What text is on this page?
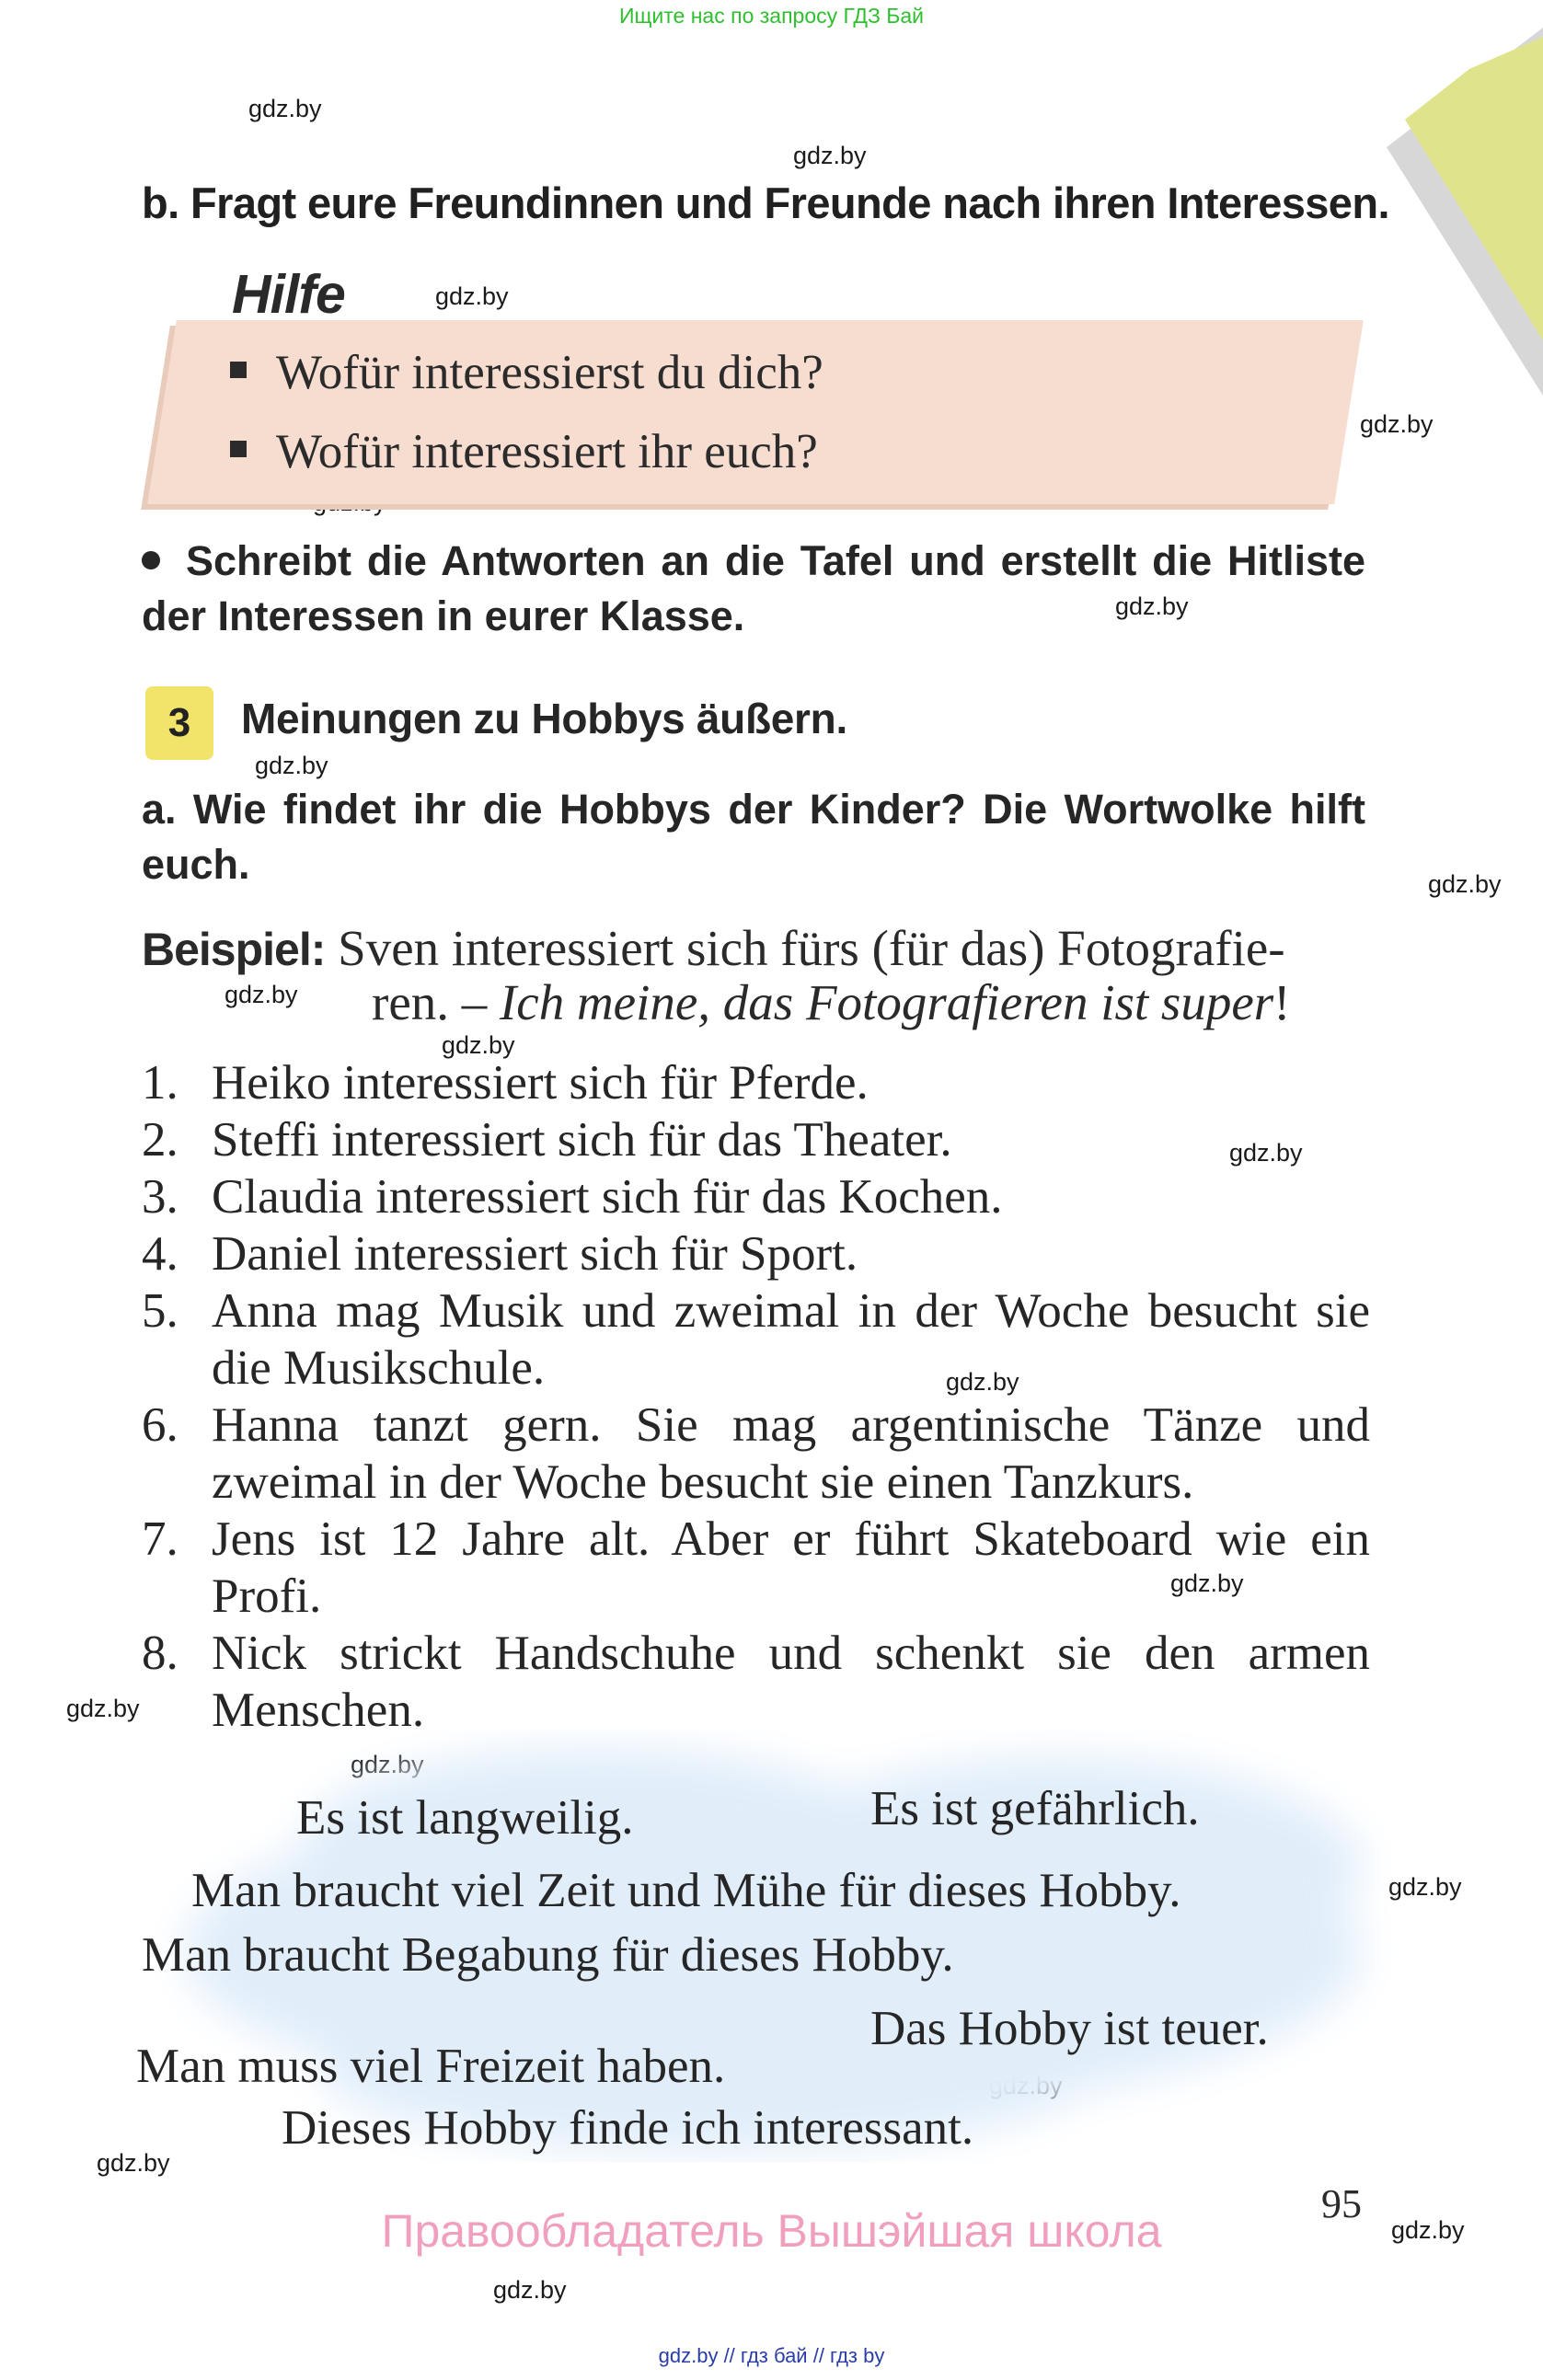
Ищите нас по запросу ГДЗ Бай
gdz.by
gdz.by
gdz.by
gdz.by
gdz.by
gdz.by
gdz.by
gdz.by
gdz.by
gdz.by
gdz.by
gdz.by
gdz.by
gdz.by
gdz.by
gdz.by
gdz.by
gdz.by
b. Fragt eure Freundinnen und Freunde nach ihren Interessen.
Hilfe
Wofür interessierst du dich?
Wofür interessiert ihr euch?
Schreibt die Antworten an die Tafel und erstellt die Hitliste der Interessen in eurer Klasse.
3	Meinungen zu Hobbys äußern.
a. Wie findet ihr die Hobbys der Kinder? Die Wortwolke hilft euch.
Beispiel: Sven interessiert sich fürs (für das) Fotografie-
ren. – Ich meine, das Fotografieren ist super!
1. Heiko interessiert sich für Pferde.
2. Steffi interessiert sich für das Theater.
3. Claudia interessiert sich für das Kochen.
4. Daniel interessiert sich für Sport.
5. Anna mag Musik und zweimal in der Woche besucht sie die Musikschule.
6. Hanna tanzt gern. Sie mag argentinische Tänze und zweimal in der Woche besucht sie einen Tanzkurs.
7. Jens ist 12 Jahre alt. Aber er führt Skateboard wie ein Profi.
8. Nick strickt Handschuhe und schenkt sie den armen Menschen.
Es ist langweilig.	Es ist gefährlich.
Man braucht viel Zeit und Mühe für dieses Hobby.
Man braucht Begabung für dieses Hobby.
Das Hobby ist teuer.
Man muss viel Freizeit haben.
Dieses Hobby finde ich interessant.
95
Правообладатель Вышэйшая школа
gdz.by // гдз бай // гдз by
